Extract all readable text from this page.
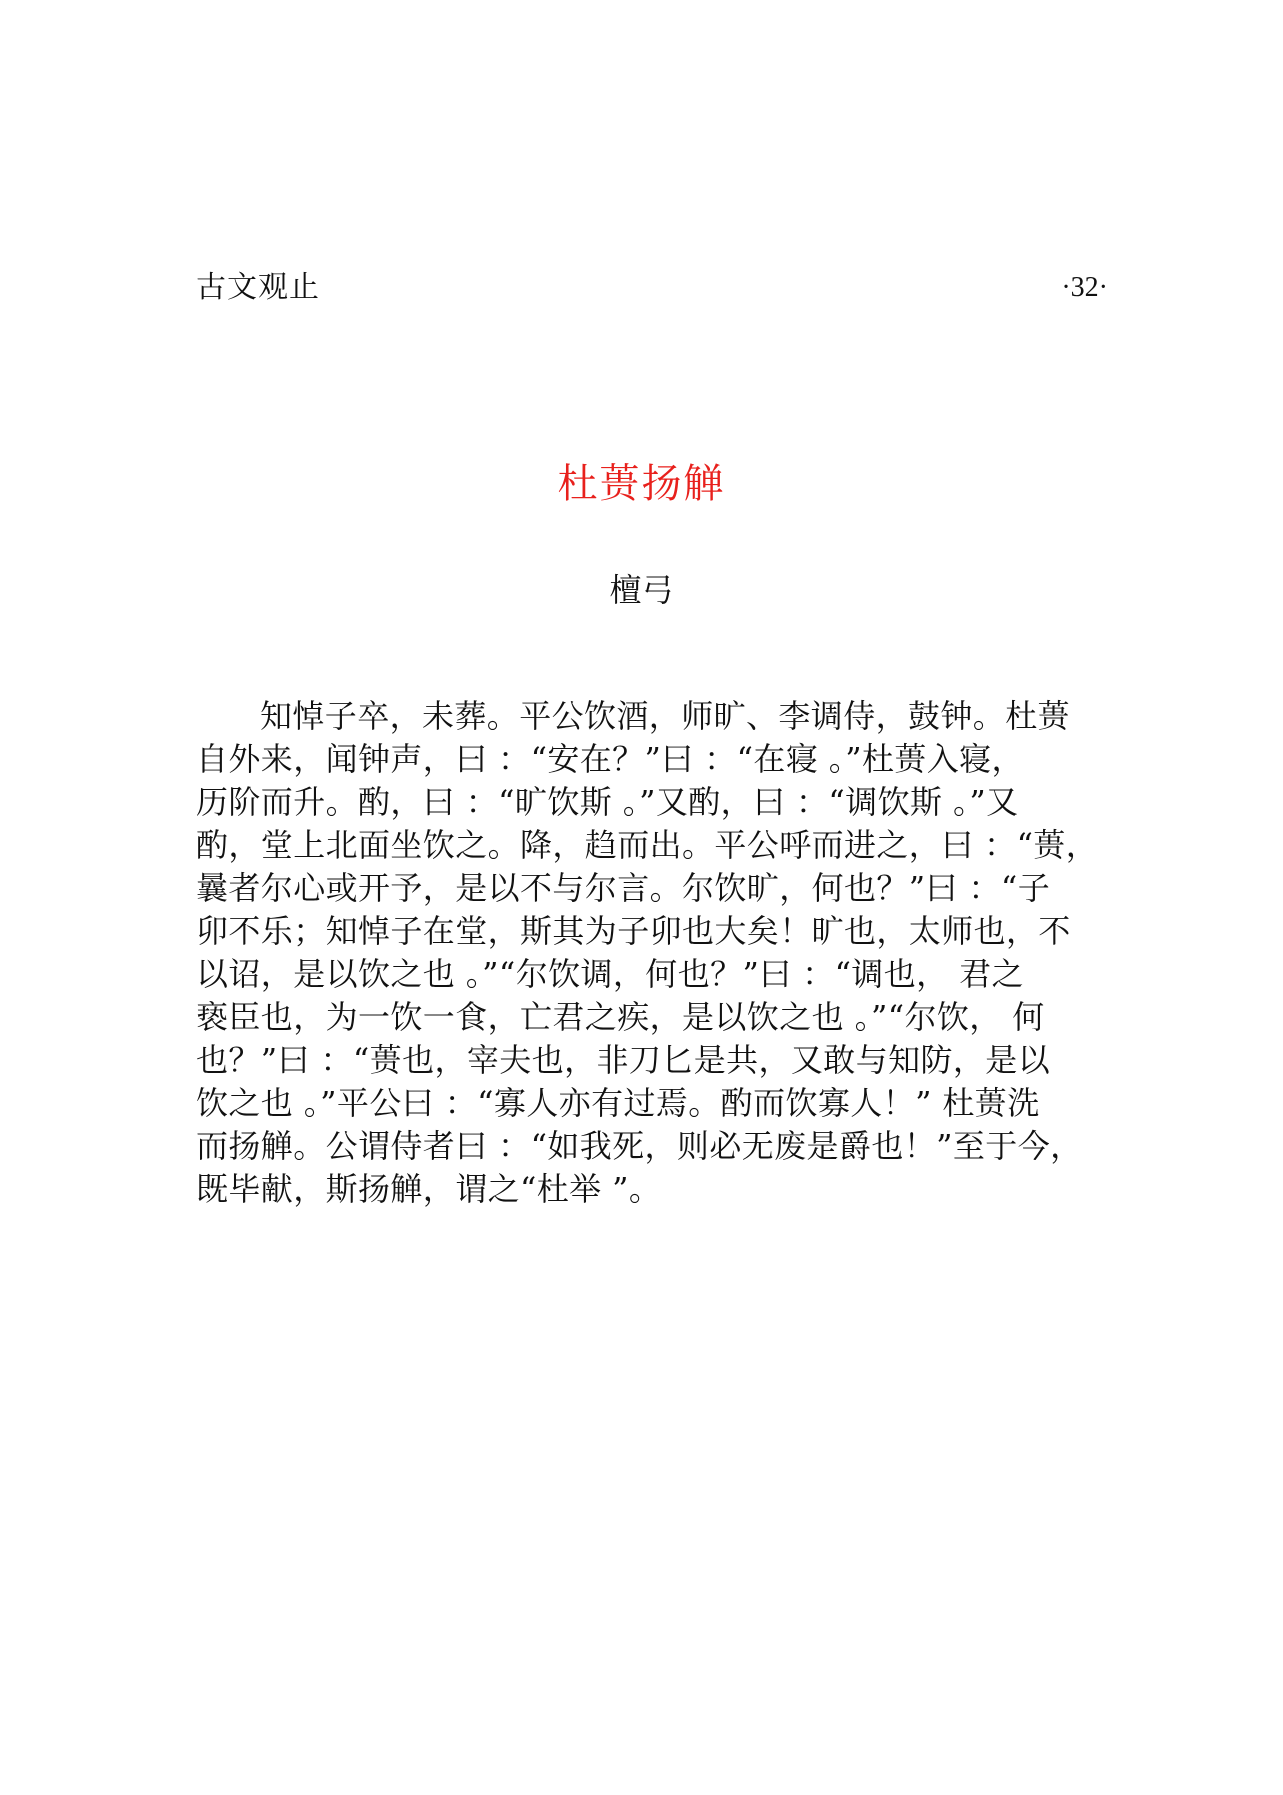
古文观止	·32·
杜蒉扬觯
檀弓
知悼子卒，未葬。平公饮酒，师旷、李调侍，鼓钟。杜蒉
自外来，闻钟声，曰 ：“安在？”曰 ：“在寝 。”杜蒉入寝，
历阶而升。酌，曰 ：“旷饮斯 。”又酌，曰 ：“调饮斯 。”又
酌，堂上北面坐饮之。降，趋而出。平公呼而进之，曰 ：“蒉，
曩者尔心或开予，是以不与尔言。尔饮旷，何也？”曰 ：“子
卯不乐；知悼子在堂，斯其为子卯也大矣！旷也，太师也，不
以诏，是以饮之也 。”“尔饮调，何也？”曰 ：“调也， 君之
亵臣也，为一饮一食，亡君之疾，是以饮之也 。”“尔饮， 何
也？”曰 ：“蒉也，宰夫也，非刀匕是共，又敢与知防，是以
饮之也 。”平公曰 ：“寡人亦有过焉。酌而饮寡人！” 杜蒉洗
而扬觯。公谓侍者曰 ：“如我死，则必无废是爵也！”至于今，
既毕献，斯扬觯，谓之“杜举 ”。
